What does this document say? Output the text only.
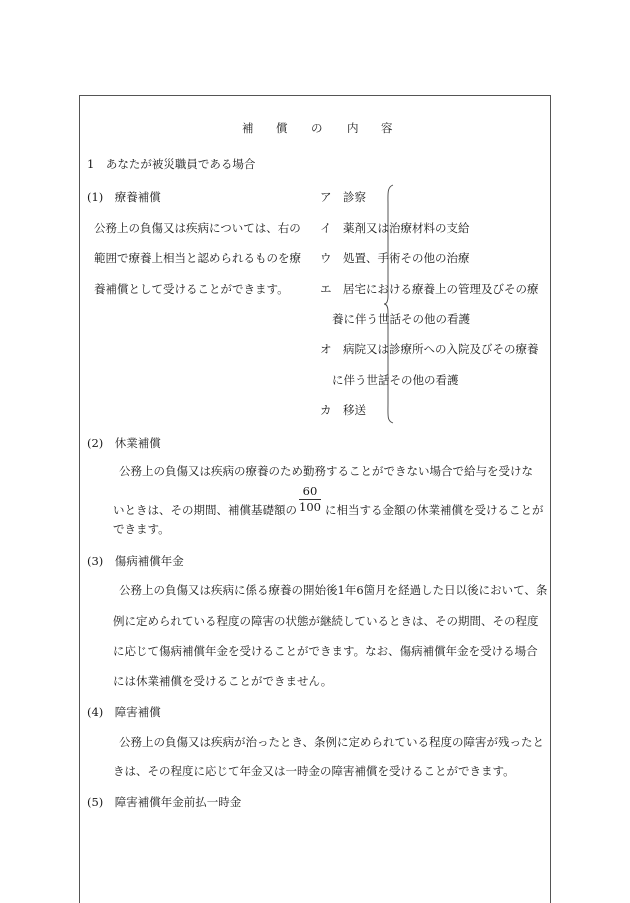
補 償 の 内 容
1　あなたが被災職員である場合
(1)　療養補償
公務上の負傷又は疾病については、右の
範囲で療養上相当と認められるものを療
養補償として受けることができます。
ア　診察
イ　薬剤又は治療材料の支給
ウ　処置、手術その他の治療
エ　居宅における療養上の管理及びその療
養に伴う世話その他の看護
オ　病院又は診療所への入院及びその療養
に伴う世話その他の看護
カ　移送
(2)　休業補償
公務上の負傷又は疾病の療養のため勤務することができない場合で給与を受けな
いときは、その期間、補償基礎額の
60
100 に相当する金額の休業補償を受けることが
できます。
(3)　傷病補償年金
公務上の負傷又は疾病に係る療養の開始後1年6箇月を経過した日以後において、条
例に定められている程度の障害の状態が継続しているときは、その期間、その程度
に応じて傷病補償年金を受けることができます。なお、傷病補償年金を受ける場合
には休業補償を受けることができません。
(4)　障害補償
公務上の負傷又は疾病が治ったとき、条例に定められている程度の障害が残ったと
きは、その程度に応じて年金又は一時金の障害補償を受けることができます。
(5)　障害補償年金前払一時金
